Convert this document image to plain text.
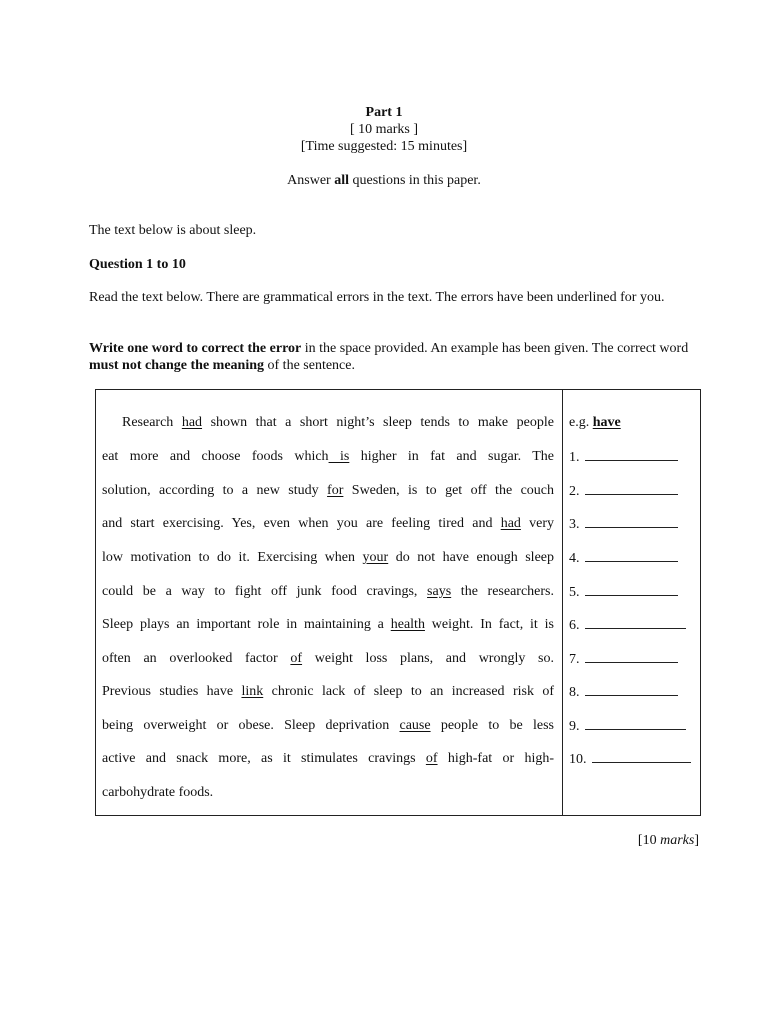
Part 1
[ 10 marks ]
[Time suggested: 15 minutes]
Answer all questions in this paper.
The text below is about sleep.
Question 1 to 10
Read the text below. There are grammatical errors in the text. The errors have been underlined for you.
Write one word to correct the error in the space provided. An example has been given. The correct word must not change the meaning of the sentence.
Research had shown that a short night’s sleep tends to make people
eat more and choose foods which is higher in fat and sugar. The
solution, according to a new study for Sweden, is to get off the couch
and start exercising. Yes, even when you are feeling tired and had very
low motivation to do it. Exercising when your do not have enough sleep
could be a way to fight off junk food cravings, says the researchers.
Sleep plays an important role in maintaining a health weight. In fact, it is
often an overlooked factor of weight loss plans, and wrongly so.
Previous studies have link chronic lack of sleep to an increased risk of
being overweight or obese. Sleep deprivation cause people to be less
active and snack more, as it stimulates cravings of high-fat or high-
carbohydrate foods.
e.g. have
1.
2.
3.
4.
5.
6.
7.
8.
9.
10.
[10 marks]
